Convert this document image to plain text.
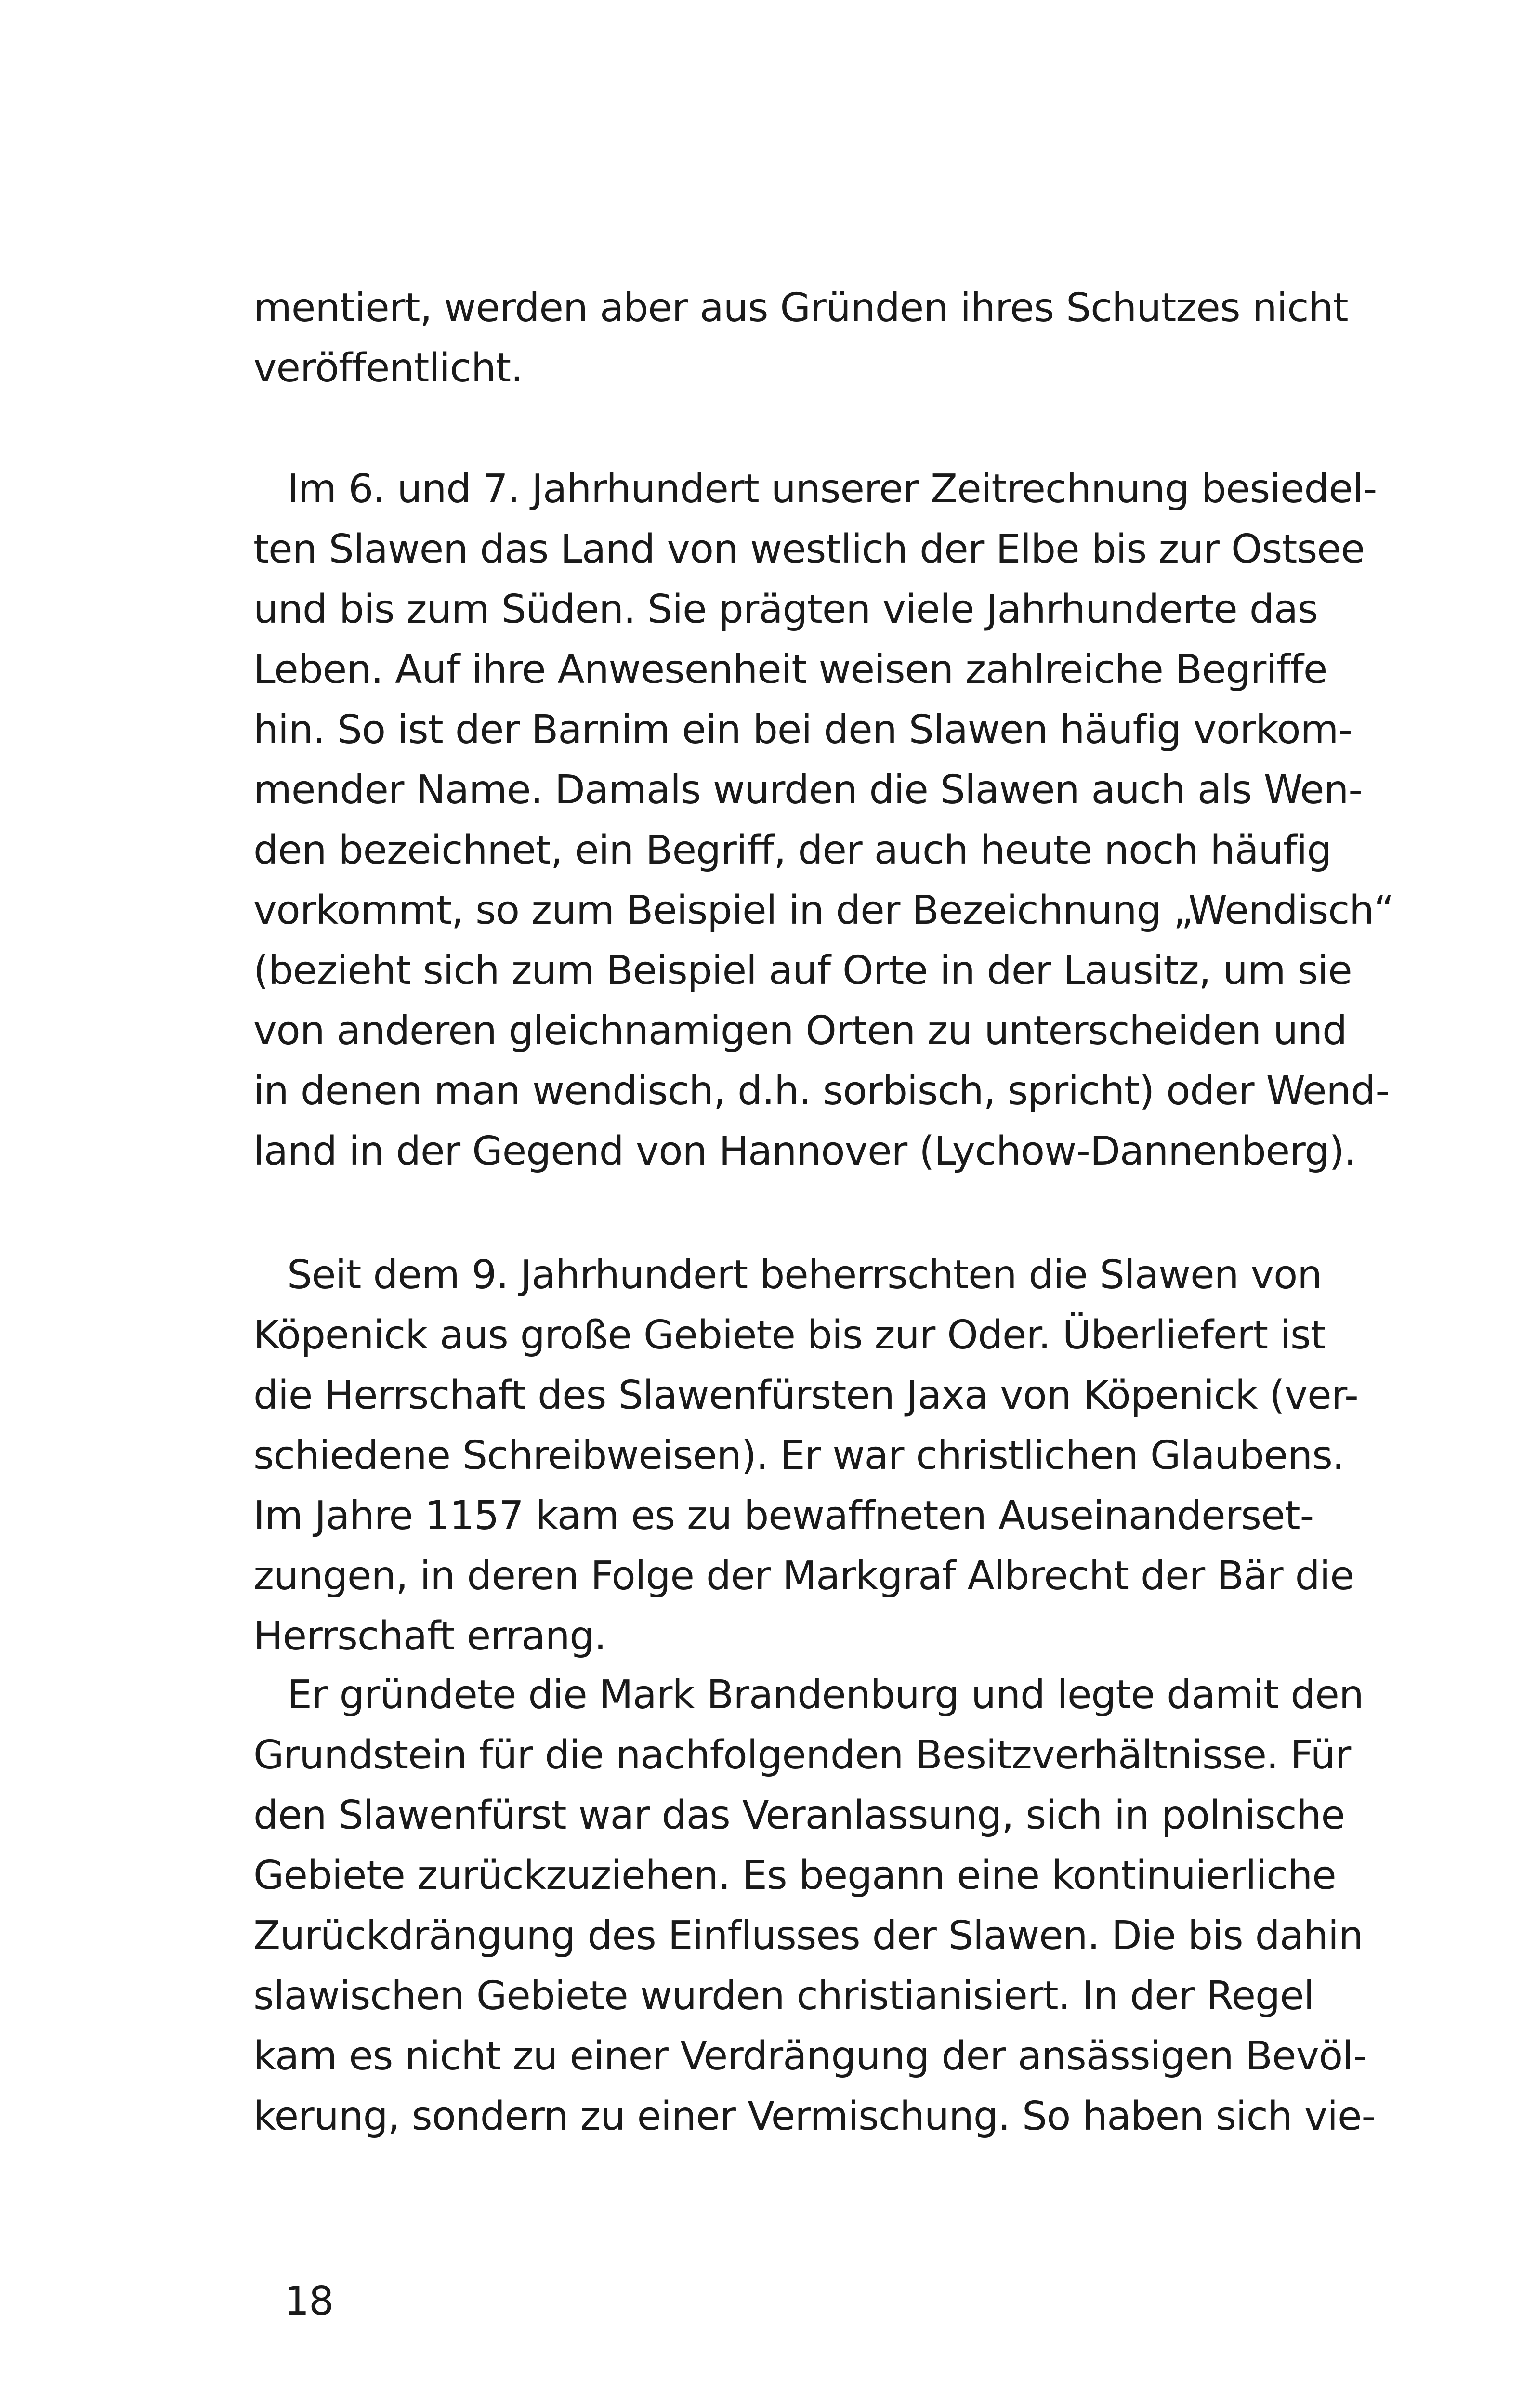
mentiert, werden aber aus Gründen ihres Schutzes nicht
veröffentlicht.
Im 6. und 7. Jahrhundert unserer Zeitrechnung besiedel-
ten Slawen das Land von westlich der Elbe bis zur Ostsee
und bis zum Süden. Sie prägten viele Jahrhunderte das
Leben. Auf ihre Anwesenheit weisen zahlreiche Begriffe
hin. So ist der Barnim ein bei den Slawen häufig vorkom-
mender Name. Damals wurden die Slawen auch als Wen-
den bezeichnet, ein Begriff, der auch heute noch häufig
vorkommt, so zum Beispiel in der Bezeichnung „Wendisch“
(bezieht sich zum Beispiel auf Orte in der Lausitz, um sie
von anderen gleichnamigen Orten zu unterscheiden und
in denen man wendisch, d.h. sorbisch, spricht) oder Wend-
land in der Gegend von Hannover (Lychow-Dannenberg).
Seit dem 9. Jahrhundert beherrschten die Slawen von
Köpenick aus große Gebiete bis zur Oder. Überliefert ist
die Herrschaft des Slawenfürsten Jaxa von Köpenick (ver-
schiedene Schreibweisen). Er war christlichen Glaubens.
Im Jahre 1157 kam es zu bewaffneten Auseinanderset-
zungen, in deren Folge der Markgraf Albrecht der Bär die
Herrschaft errang.
Er gründete die Mark Brandenburg und legte damit den
Grundstein für die nachfolgenden Besitzverhältnisse. Für
den Slawenfürst war das Veranlassung, sich in polnische
Gebiete zurückzuziehen. Es begann eine kontinuierliche
Zurückdrängung des Einflusses der Slawen. Die bis dahin
slawischen Gebiete wurden christianisiert. In der Regel
kam es nicht zu einer Verdrängung der ansässigen Bevöl-
kerung, sondern zu einer Vermischung. So haben sich vie-
18
